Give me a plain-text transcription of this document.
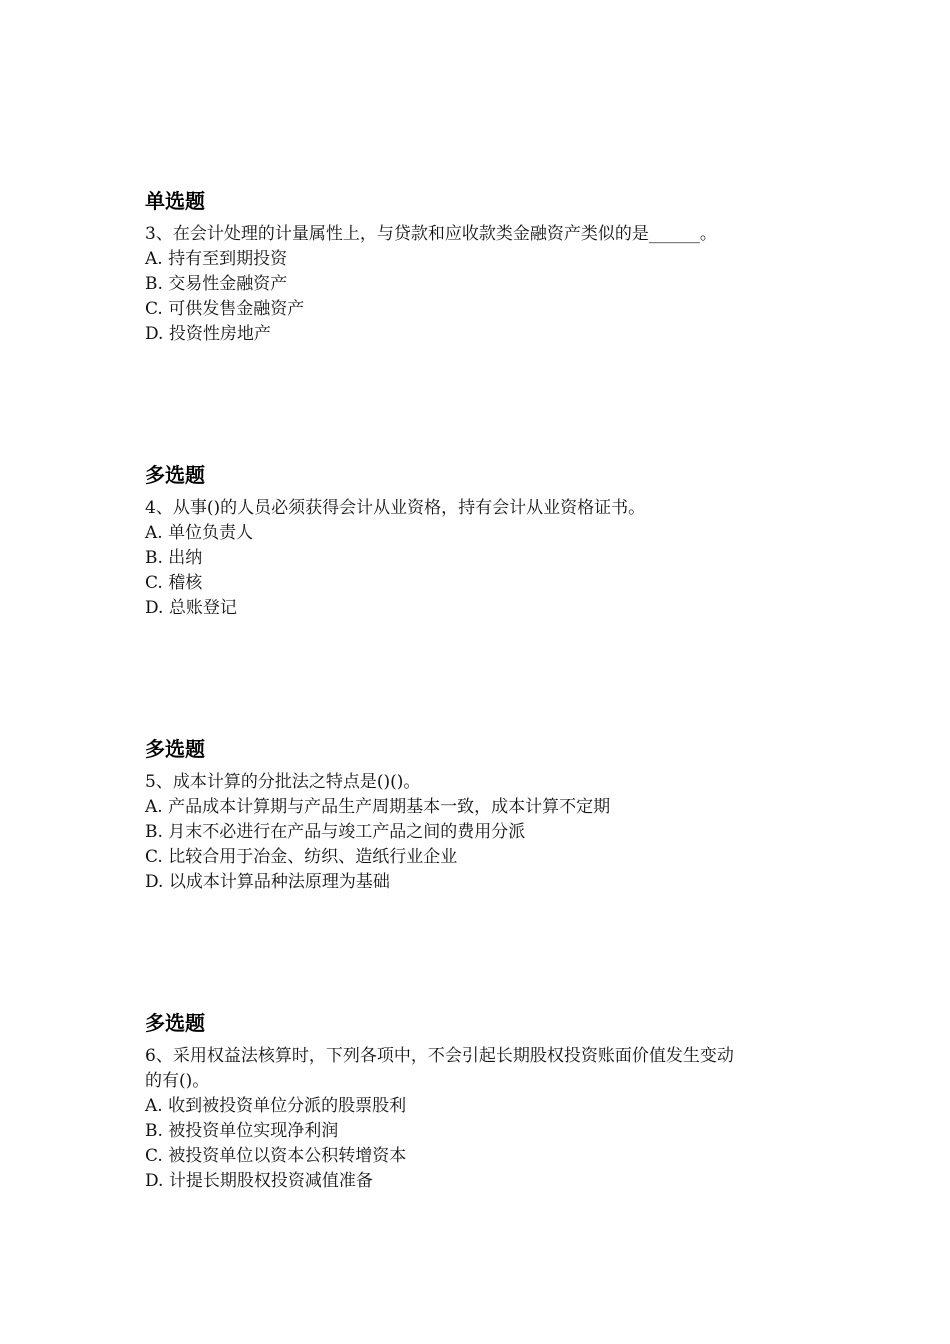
单选题
3、在会计处理的计量属性上，与贷款和应收款类金融资产类似的是______。
A. 持有至到期投资
B. 交易性金融资产
C. 可供发售金融资产
D. 投资性房地产
多选题
4、从事()的人员必须获得会计从业资格，持有会计从业资格证书。
A. 单位负责人
B. 出纳
C. 稽核
D. 总账登记
多选题
5、成本计算的分批法之特点是()()。
A. 产品成本计算期与产品生产周期基本一致，成本计算不定期
B. 月末不必进行在产品与竣工产品之间的费用分派
C. 比较合用于冶金、纺织、造纸行业企业
D. 以成本计算品种法原理为基础
多选题
6、采用权益法核算时，下列各项中，不会引起长期股权投资账面价值发生变动
的有()。
A. 收到被投资单位分派的股票股利
B. 被投资单位实现净利润
C. 被投资单位以资本公积转增资本
D. 计提长期股权投资减值准备
